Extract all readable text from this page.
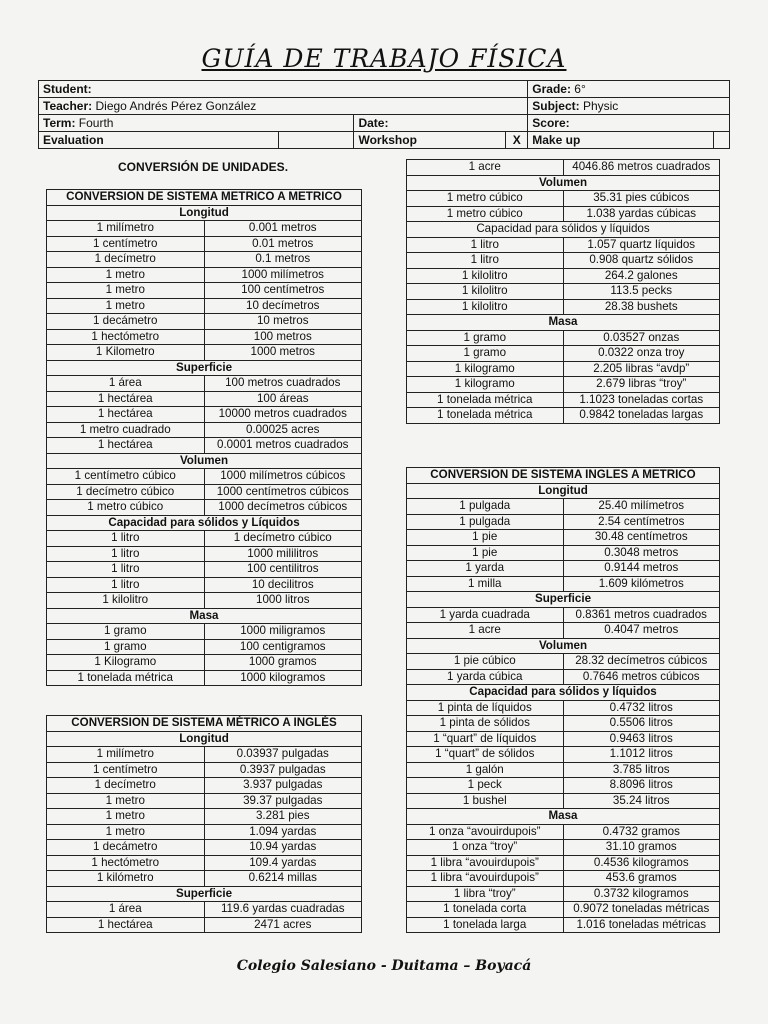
GUÍA DE TRABAJO FÍSICA
Student:				Grade: 6°	
Teacher: Diego Andrés Pérez González				Subject: Physic	
Term: Fourth		Date:		Score:	
Evaluation		Workshop	X	Make up	
CONVERSIÓN DE UNIDADES.
CONVERSION DE SISTEMA METRICO A METRICO	
Longitud	
1 milímetro	0.001 metros
1 centímetro	0.01 metros
1 decímetro	0.1 metros
1 metro	1000 milímetros
1 metro	100 centímetros
1 metro	10 decímetros
1 decámetro	10 metros
1 hectómetro	100 metros
1 Kilometro	1000 metros
Superficie	
1 área	100 metros cuadrados
1 hectárea	100 áreas
1 hectárea	10000 metros cuadrados
1 metro cuadrado	0.00025 acres
1 hectárea	0.0001 metros cuadrados
Volumen	
1 centímetro cúbico	1000 milímetros cúbicos
1 decímetro cúbico	1000 centímetros cúbicos
1 metro cúbico	1000 decímetros cúbicos
Capacidad para sólidos y Líquidos	
1 litro	1 decímetro cúbico
1 litro	1000 mililitros
1 litro	100 centilitros
1 litro	10 decilitros
1 kilolitro	1000 litros
Masa	
1 gramo	1000 miligramos
1 gramo	100 centigramos
1 Kilogramo	1000 gramos
1 tonelada métrica	1000 kilogramos
CONVERSION DE SISTEMA MÉTRICO A INGLÉS	
Longitud	
1 milímetro	0.03937 pulgadas
1 centímetro	0.3937 pulgadas
1 decímetro	3.937 pulgadas
1 metro	39.37 pulgadas
1 metro	3.281 pies
1 metro	1.094 yardas
1 decámetro	10.94 yardas
1 hectómetro	109.4 yardas
1 kilómetro	0.6214 millas
Superficie	
1 área	119.6 yardas cuadradas
1 hectárea	2471 acres
1 acre	4046.86 metros cuadrados
Volumen	
1 metro cúbico	35.31 pies cúbicos
1 metro cúbico	1.038 yardas cúbicas
Capacidad para sólidos y líquidos	
1 litro	1.057 quartz líquidos
1 litro	0.908 quartz sólidos
1 kilolitro	264.2 galones
1 kilolitro	113.5 pecks
1 kilolitro	28.38 bushets
Masa	
1 gramo	0.03527 onzas
1 gramo	0.0322 onza troy
1 kilogramo	2.205 libras “avdp”
1 kilogramo	2.679 libras “troy”
1 tonelada métrica	1.1023 toneladas cortas
1 tonelada métrica	0.9842 toneladas largas
CONVERSION DE SISTEMA INGLES A METRICO	
Longitud	
1 pulgada	25.40 milímetros
1 pulgada	2.54 centímetros
1 pie	30.48 centímetros
1 pie	0.3048 metros
1 yarda	0.9144 metros
1 milla	1.609 kilómetros
Superficie	
1 yarda cuadrada	0.8361 metros cuadrados
1 acre	0.4047 metros
Volumen	
1 pie cúbico	28.32 decímetros cúbicos
1 yarda cúbica	0.7646 metros cúbicos
Capacidad para sólidos y líquidos	
1 pinta de líquidos	0.4732 litros
1 pinta de sólidos	0.5506 litros
1 “quart” de líquidos	0.9463 litros
1 “quart” de sólidos	1.1012 litros
1 galón	3.785 litros
1 peck	8.8096 litros
1 bushel	35.24 litros
Masa	
1 onza “avouirdupois”	0.4732 gramos
1 onza “troy”	31.10 gramos
1 libra “avouirdupois”	0.4536 kilogramos
1 libra “avouirdupois”	453.6 gramos
1 libra “troy”	0.3732 kilogramos
1 tonelada corta	0.9072 toneladas métricas
1 tonelada larga	1.016 toneladas métricas
Colegio Salesiano - Duitama – Boyacá
